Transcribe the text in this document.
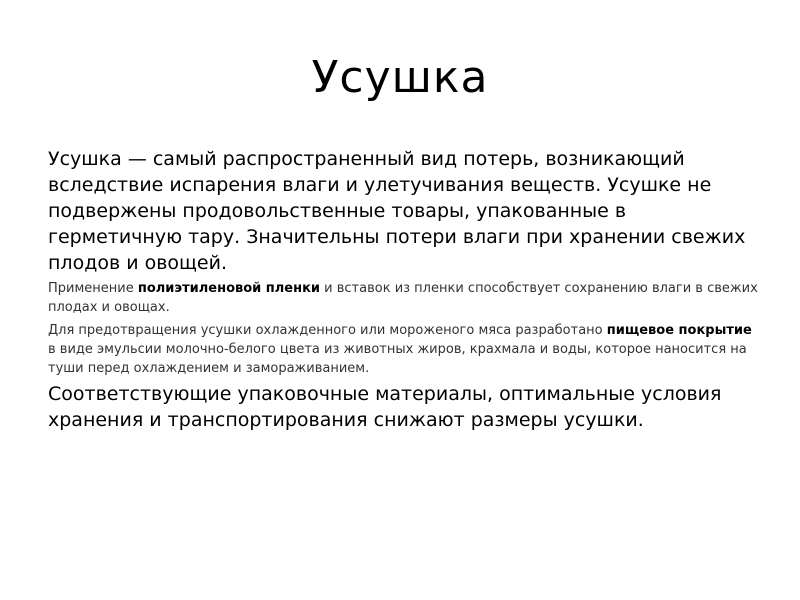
Усушка

Усушка — самый распространенный вид потерь, возникающий вследствие испарения влаги и улетучивания веществ. Усушке не подвержены продовольственные товары, упакованные в герметичную тару. Значительны потери влаги при хранении свежих плодов и овощей.

Применение полиэтиленовой пленки и вставок из пленки способствует сохранению влаги в свежих плодах и овощах.

Для предотвращения усушки охлажденного или мороженого мяса разработано пищевое покрытие в виде эмульсии молочно-белого цвета из животных жиров, крахмала и воды, которое наносится на туши перед охлаждением и замораживанием.

Соответствующие упаковочные материалы, оптимальные условия хранения и транспортирования снижают размеры усушки.
